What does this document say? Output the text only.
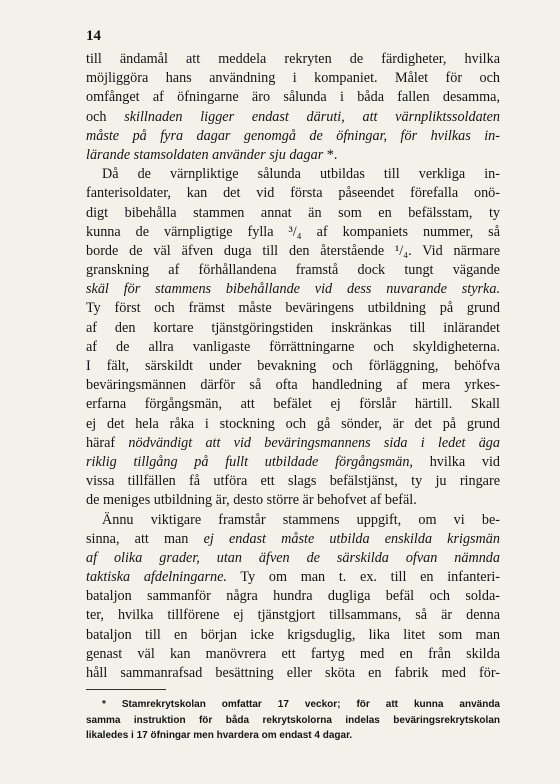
14
till ändamål att meddela rekryten de färdigheter, hvilka
möjliggöra hans användning i kompaniet. Målet för och
omfånget af öfningarne äro sålunda i båda fallen desamma,
och skillnaden ligger endast däruti, att värnpliktssoldaten
måste på fyra dagar genomgå de öfningar, för hvilkas in-
lärande stamsoldaten använder sju dagar *.
Då de värnpliktige sålunda utbildas till verkliga in-
fanterisoldater, kan det vid första påseendet förefalla onö-
digt bibehålla stammen annat än som en befälsstam, ty
kunna de värnpligtige fylla ³/₄ af kompaniets nummer, så
borde de väl äfven duga till den återstående ¹/₄. Vid närmare
granskning af förhållandena framstå dock tungt vägande
skäl för stammens bibehållande vid dess nuvarande styrka.
Ty först och främst måste beväringens utbildning på grund
af den kortare tjänstgöringstiden inskränkas till inlärandet
af de allra vanligaste förrättningarne och skyldigheterna.
I fält, särskildt under bevakning och förläggning, behöfva
beväringsmännen därför så ofta handledning af mera yrkes-
erfarna förgångsmän, att befälet ej förslår härtill. Skall
ej det hela råka i stockning och gå sönder, är det på grund
häraf nödvändigt att vid beväringsmannens sida i ledet äga
riklig tillgång på fullt utbildade förgångsmän, hvilka vid
vissa tillfällen få utföra ett slags befälstjänst, ty ju ringare
de meniges utbildning är, desto större är behofvet af befäl.
Ännu viktigare framstår stammens uppgift, om vi be-
sinna, att man ej endast måste utbilda enskilda krigsmän
af olika grader, utan äfven de särskilda ofvan nämnda
taktiska afdelningarne. Ty om man t. ex. till en infanteri-
bataljon sammanför några hundra dugliga befäl och solda-
ter, hvilka tillförene ej tjänstgjort tillsammans, så är denna
bataljon till en början icke krigsduglig, lika litet som man
genast väl kan manövrera ett fartyg med en från skilda
håll sammanrafsad besättning eller sköta en fabrik med för-
* Stamrekrytskolan omfattar 17 veckor; för att kunna använda
samma instruktion för båda rekrytskolorna indelas beväringsrekrytskolan
likaledes i 17 öfningar men hvardera om endast 4 dagar.
